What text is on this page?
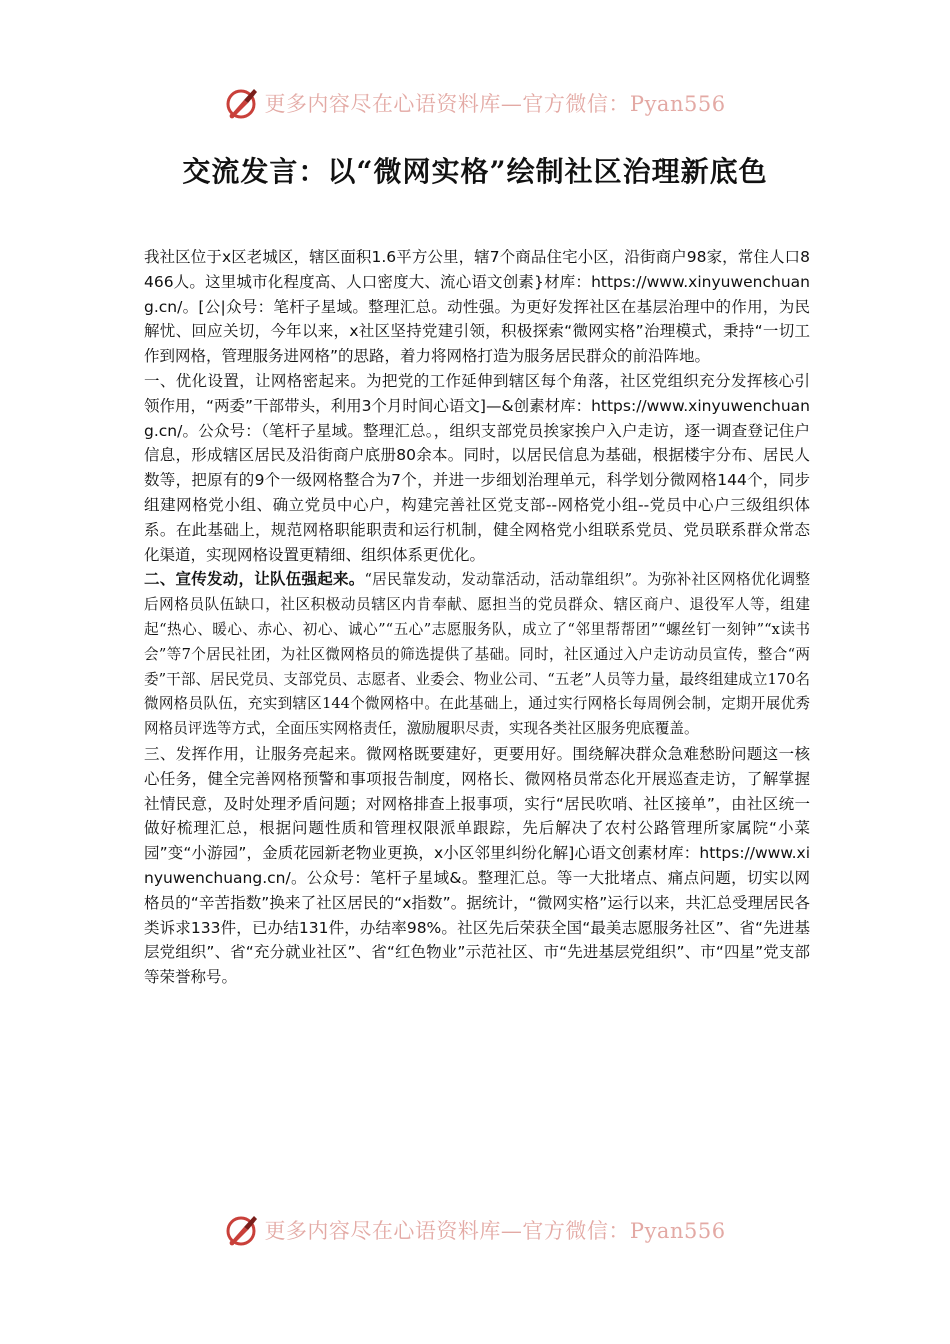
更多内容尽在心语资料库—官方微信：Pyan556
交流发言：以“微网实格”绘制社区治理新底色

我社区位于x区老城区，辖区面积1.6平方公里，辖7个商品住宅小区，沿街商户98家，常住人口8466人。这里城市化程度高、人口密度大、流心语文创素}材库：https://www.xinyuwenchuang.cn/。[公|众号：笔杆子星域。整理汇总。动性强。为更好发挥社区在基层治理中的作用，为民解忧、回应关切，今年以来，x社区坚持党建引领，积极探索“微网实格”治理模式，秉持“一切工作到网格，管理服务进网格”的思路，着力将网格打造为服务居民群众的前沿阵地。

一、优化设置，让网格密起来。为把党的工作延伸到辖区每个角落，社区党组织充分发挥核心引领作用，“两委”干部带头，利用3个月时间心语文]—&创素材库：https://www.xinyuwenchuang.cn/。公众号：（笔杆子星域。整理汇总。，组织支部党员挨家挨户入户走访，逐一调查登记住户信息，形成辖区居民及沿街商户底册80余本。同时，以居民信息为基础，根据楼宇分布、居民人数等，把原有的9个一级网格整合为7个，并进一步细划治理单元，科学划分微网格144个，同步组建网格党小组、确立党员中心户，构建完善社区党支部--网格党小组--党员中心户三级组织体系。在此基础上，规范网格职能职责和运行机制，健全网格党小组联系党员、党员联系群众常态化渠道，实现网格设置更精细、组织体系更优化。

二、宣传发动，让队伍强起来。“居民靠发动，发动靠活动，活动靠组织”。为弥补社区网格优化调整后网格员队伍缺口，社区积极动员辖区内肯奉献、愿担当的党员群众、辖区商户、退役军人等，组建起“热心、暖心、赤心、初心、诚心”“五心”志愿服务队，成立了“邻里帮帮团”“螺丝钉一刻钟”“x读书会”等7个居民社团，为社区微网格员的筛选提供了基础。同时，社区通过入户走访动员宣传，整合“两委”干部、居民党员、支部党员、志愿者、业委会、物业公司、“五老”人员等力量，最终组建成立170名微网格员队伍，充实到辖区144个微网格中。在此基础上，通过实行网格长每周例会制，定期开展优秀网格员评选等方式，全面压实网格责任，激励履职尽责，实现各类社区服务兜底覆盖。

三、发挥作用，让服务亮起来。微网格既要建好，更要用好。围绕解决群众急难愁盼问题这一核心任务，健全完善网格预警和事项报告制度，网格长、微网格员常态化开展巡查走访，了解掌握社情民意，及时处理矛盾问题；对网格排查上报事项，实行“居民吹哨、社区接单”，由社区统一做好梳理汇总，根据问题性质和管理权限派单跟踪，先后解决了农村公路管理所家属院“小菜园”变“小游园”，金质花园新老物业更换，x小区邻里纠纷化解]心语文创素材库：https://www.xinyuwenchuang.cn/。公众号：笔杆子星域&。整理汇总。等一大批堵点、痛点问题，切实以网格员的“辛苦指数”换来了社区居民的“x指数”。据统计，“微网实格”运行以来，共汇总受理居民各类诉求133件，已办结131件，办结率98%。社区先后荣获全国“最美志愿服务社区”、省“先进基层党组织”、省“充分就业社区”、省“红色物业”示范社区、市“先进基层党组织”、市“四星”党支部等荣誉称号。

更多内容尽在心语资料库—官方微信：Pyan556
